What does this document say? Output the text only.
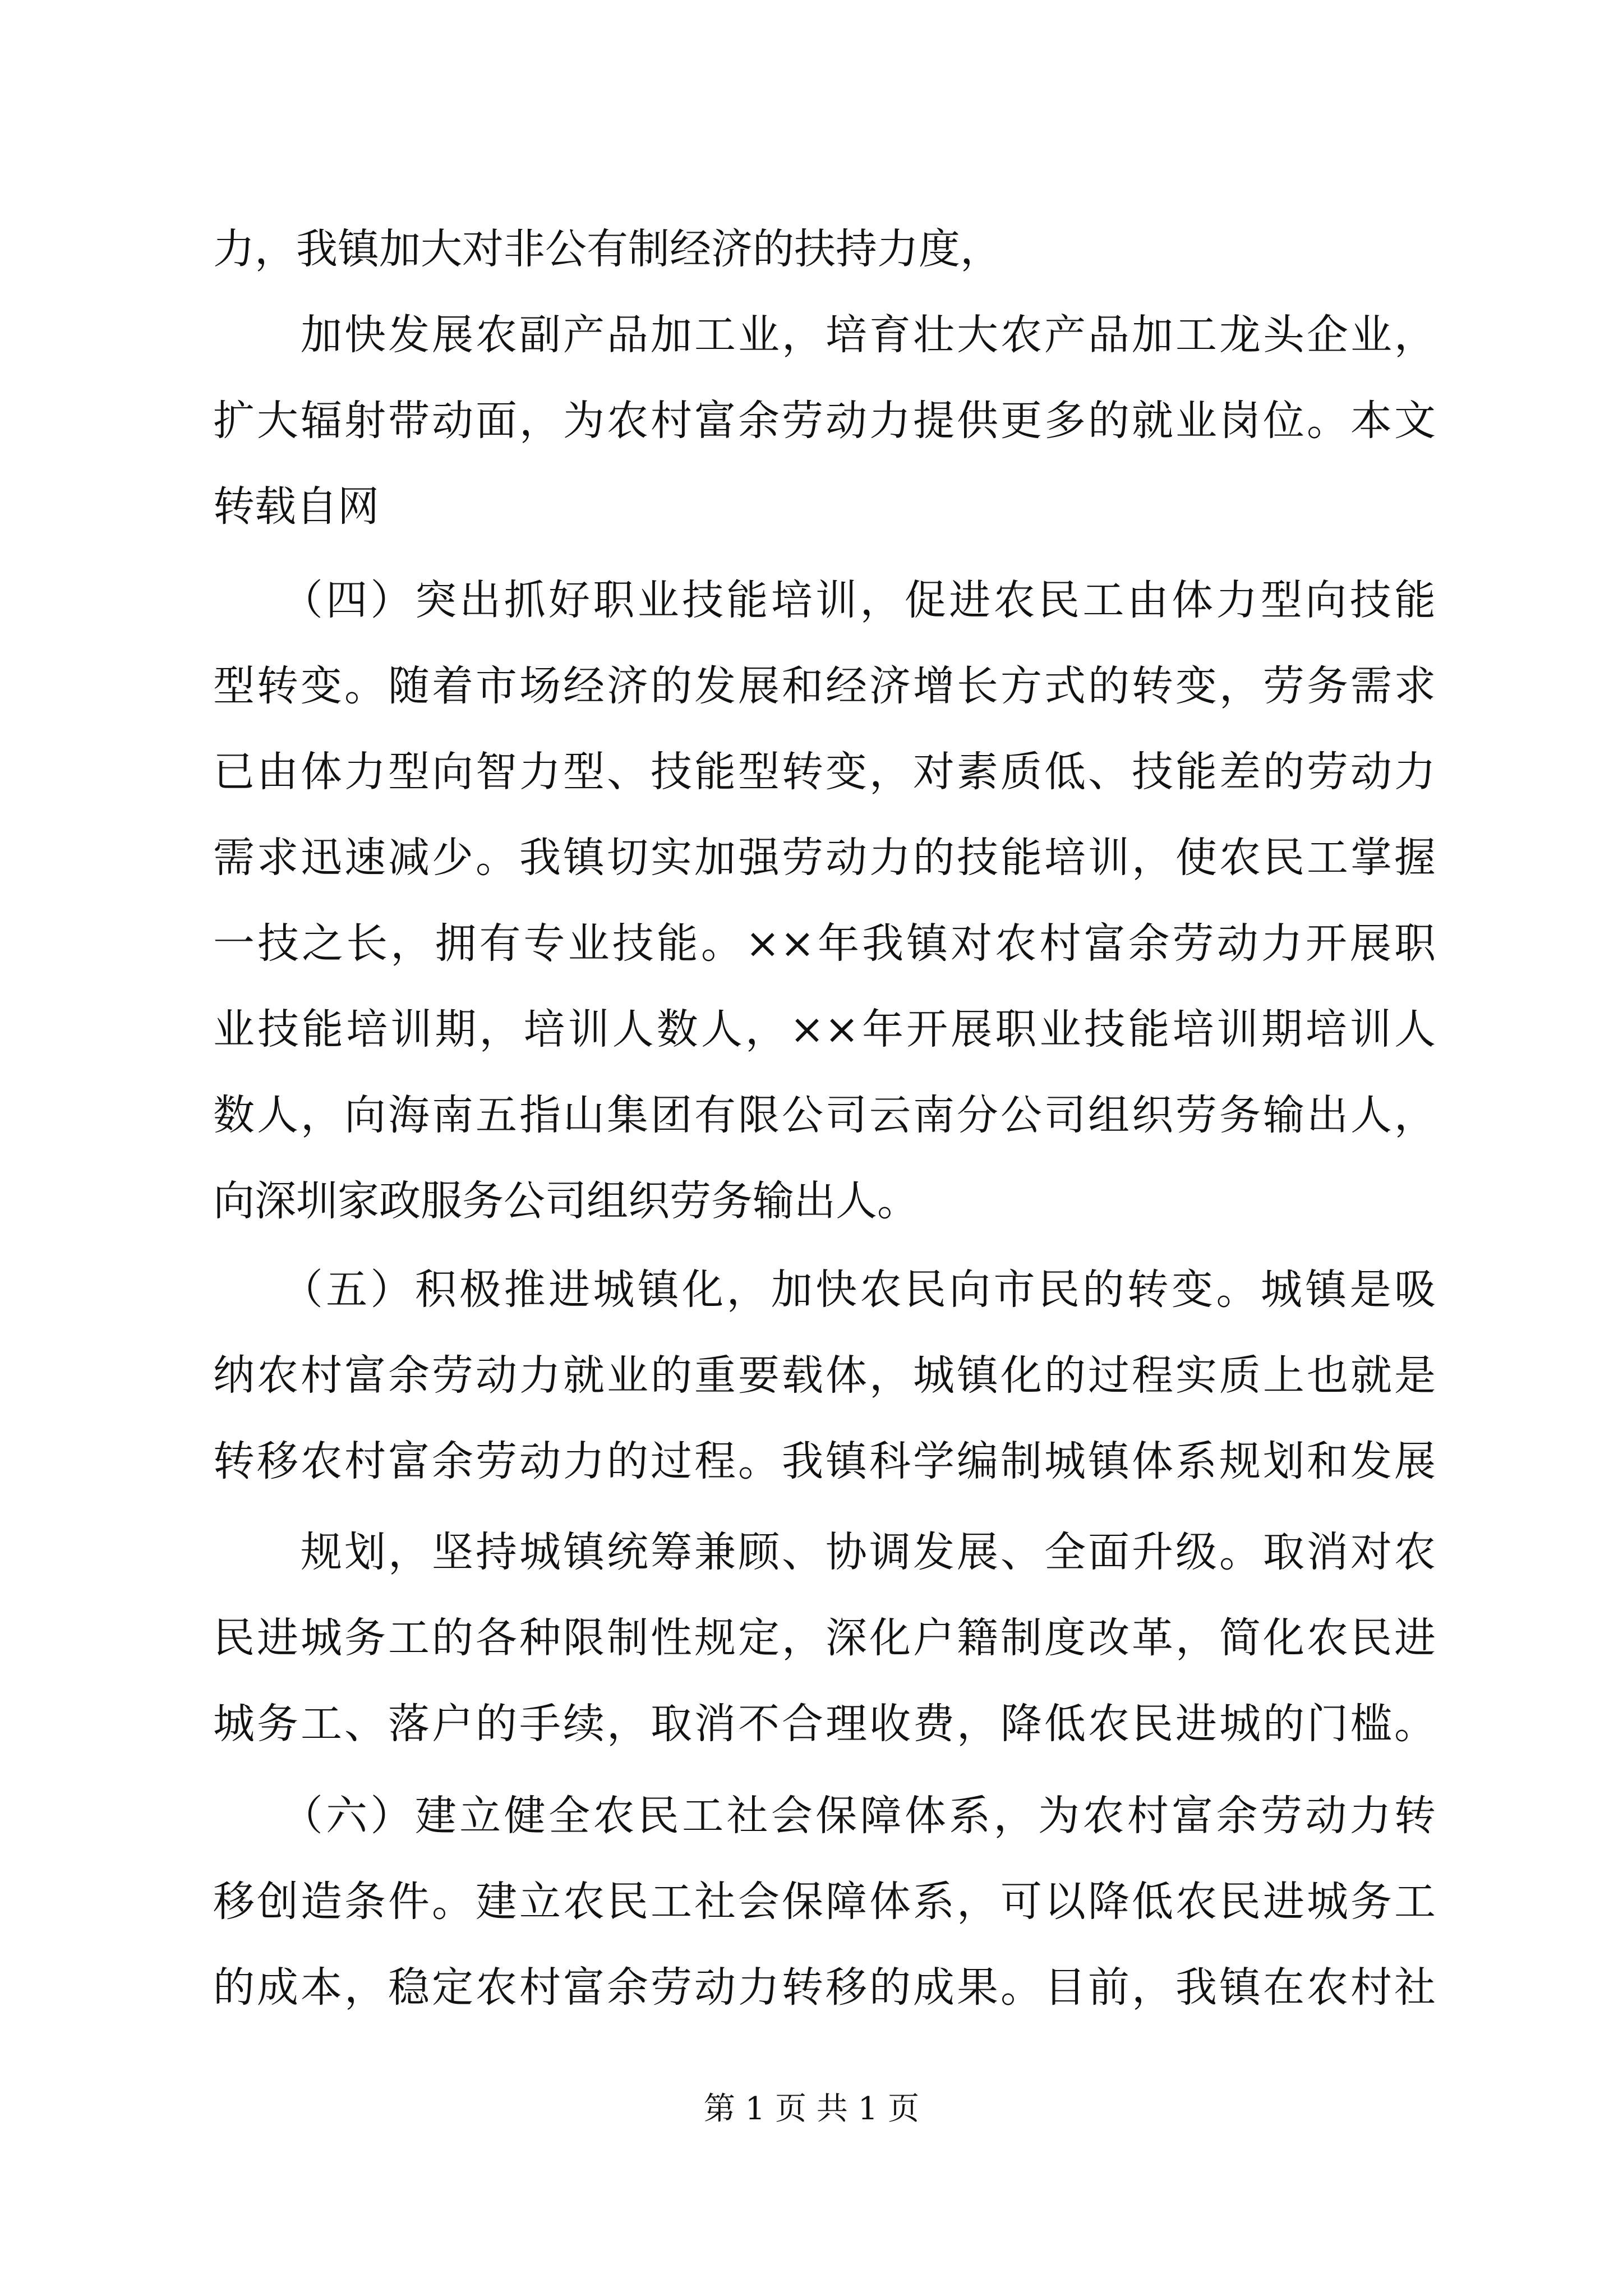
力，我镇加大对非公有制经济的扶持力度，
　　加快发展农副产品加工业，培育壮大农产品加工龙头企业，
扩大辐射带动面，为农村富余劳动力提供更多的就业岗位。本文
转载自网
　　（四）突出抓好职业技能培训，促进农民工由体力型向技能
型转变。随着市场经济的发展和经济增长方式的转变，劳务需求
已由体力型向智力型、技能型转变，对素质低、技能差的劳动力
需求迅速减少。我镇切实加强劳动力的技能培训，使农民工掌握
一技之长，拥有专业技能。××年我镇对农村富余劳动力开展职
业技能培训期，培训人数人，××年开展职业技能培训期培训人
数人，向海南五指山集团有限公司云南分公司组织劳务输出人，
向深圳家政服务公司组织劳务输出人。
　　（五）积极推进城镇化，加快农民向市民的转变。城镇是吸
纳农村富余劳动力就业的重要载体，城镇化的过程实质上也就是
转移农村富余劳动力的过程。我镇科学编制城镇体系规划和发展
　　规划，坚持城镇统筹兼顾、协调发展、全面升级。取消对农
民进城务工的各种限制性规定，深化户籍制度改革，简化农民进
城务工、落户的手续，取消不合理收费，降低农民进城的门槛。
　　（六）建立健全农民工社会保障体系，为农村富余劳动力转
移创造条件。建立农民工社会保障体系，可以降低农民进城务工
的成本，稳定农村富余劳动力转移的成果。目前，我镇在农村社
第 1 页 共 1 页
